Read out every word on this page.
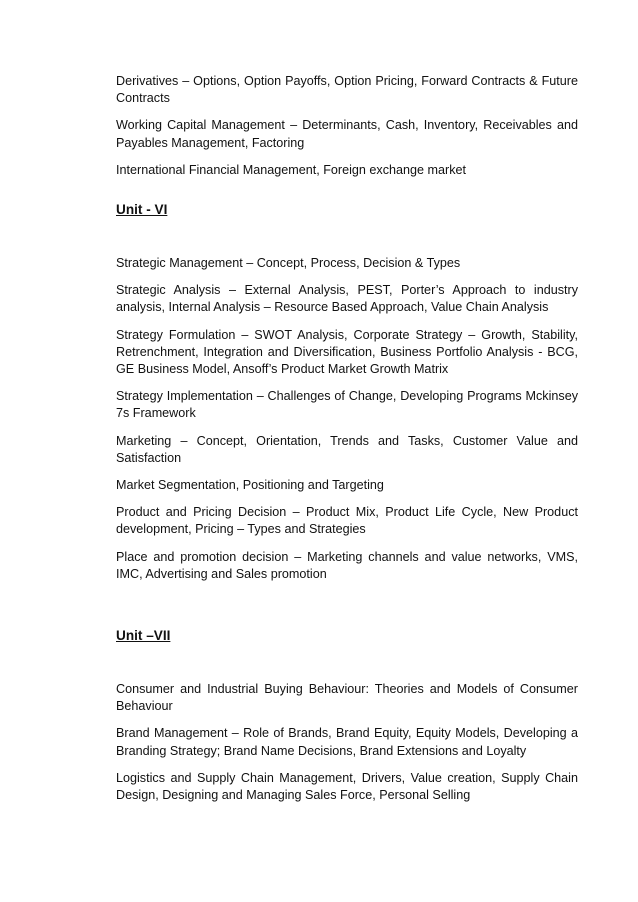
Derivatives – Options, Option Payoffs, Option Pricing, Forward Contracts & Future Contracts

Working Capital Management – Determinants, Cash, Inventory, Receivables and Payables Management, Factoring

International Financial Management, Foreign exchange market

Unit - VI

Strategic Management – Concept, Process, Decision & Types

Strategic Analysis – External Analysis, PEST, Porter’s Approach to industry analysis, Internal Analysis – Resource Based Approach, Value Chain Analysis

Strategy Formulation – SWOT Analysis, Corporate Strategy – Growth, Stability, Retrenchment, Integration and Diversification, Business Portfolio Analysis - BCG, GE Business Model, Ansoff’s Product Market Growth Matrix

Strategy Implementation – Challenges of Change, Developing Programs Mckinsey 7s Framework

Marketing – Concept, Orientation, Trends and Tasks, Customer Value and Satisfaction

Market Segmentation, Positioning and Targeting

Product and Pricing Decision – Product Mix, Product Life Cycle, New Product development, Pricing – Types and Strategies

Place and promotion decision – Marketing channels and value networks, VMS, IMC, Advertising and Sales promotion

Unit –VII

Consumer and Industrial Buying Behaviour: Theories and Models of Consumer Behaviour

Brand Management – Role of Brands, Brand Equity, Equity Models, Developing a Branding Strategy; Brand Name Decisions, Brand Extensions and Loyalty

Logistics and Supply Chain Management, Drivers, Value creation, Supply Chain Design, Designing and Managing Sales Force, Personal Selling
